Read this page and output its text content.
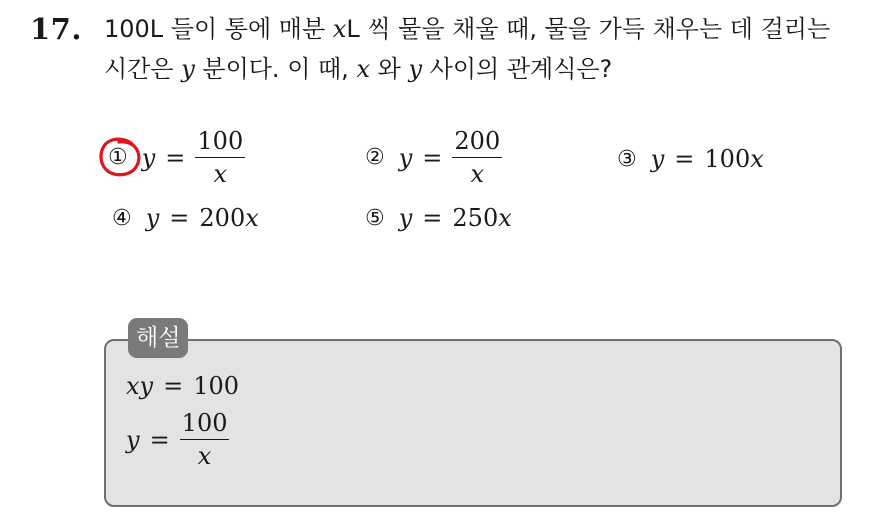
17. 100L 들이 통에 매분 xL 씩 물을 채울 때, 물을 가득 채우는 데 걸리는
시간은 y 분이다. 이 때, x 와 y 사이의 관계식은?
① $y = \frac{100}{x}$	② $y = \frac{200}{x}$	③ y = 100 x
④ y = 200 x	⑤ y = 250 x
해설
xy = 100
$y = \frac{100}{x}$
